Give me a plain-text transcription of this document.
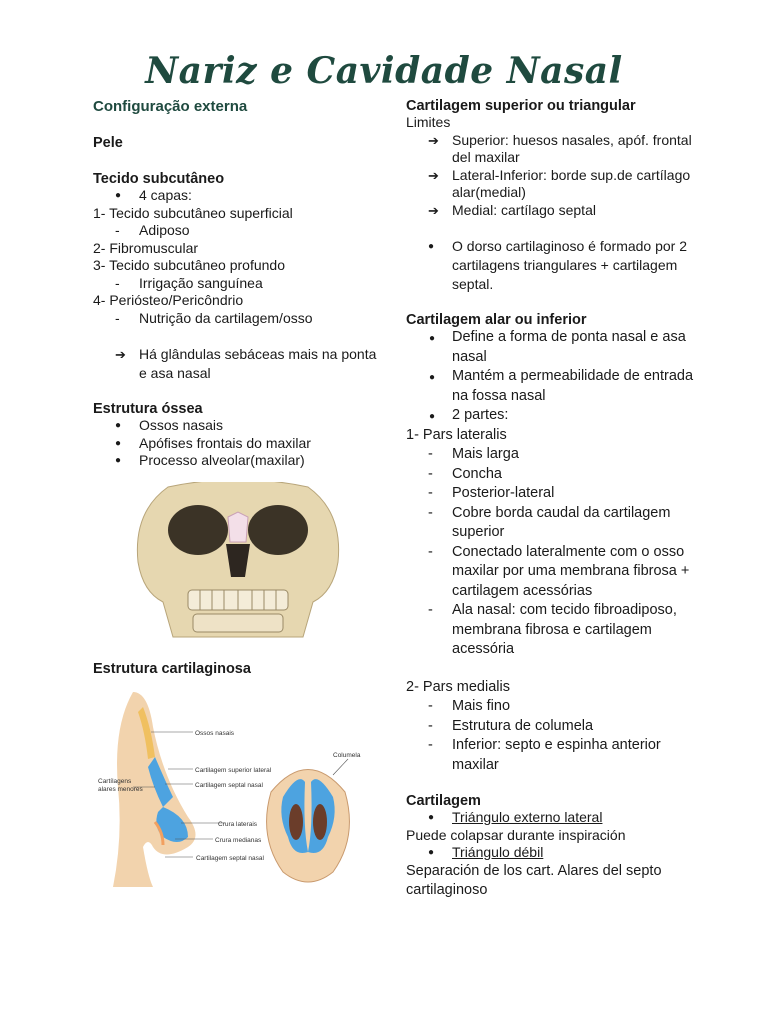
Nariz e Cavidade Nasal

Configuração externa

Pele

Tecido subcutâneo

● 4 capas:

1- Tecido subcutâneo superficial

- Adiposo

2- Fibromuscular

3- Tecido subcutâneo profundo

- Irrigação sanguínea

4- Periósteo/Pericôndrio

- Nutrição da cartilagem/osso
➔ Há glândulas sebáceas mais na ponta e asa nasal

Estrutura óssea

● Ossos nasais
● Apófises frontais do maxilar
● Processo alveolar(maxilar)

Estrutura cartilaginosa

Ossos nasais
Cartilagem superior lateral
Cartilagem septal nasal
Cartílagens
alares menores
Crura laterais
Crura medianas
Cartilagem septal nasal
Columela

Cartilagem superior ou triangular

Limites

➔ Superior: huesos nasales, apóf. frontal del maxilar
➔ Lateral-Inferior: borde sup.de cartílago alar(medial)
➔ Medial: cartílago septal
● O dorso cartilaginoso é formado por 2 cartilagens triangulares + cartilagem septal.

Cartilagem alar ou inferior

● Define a forma de ponta nasal e asa nasal
● Mantém a permeabilidade de entrada na fossa nasal
● 2 partes:

1- Pars lateralis

- Mais larga
- Concha
- Posterior-lateral
- Cobre borda caudal da cartilagem superior
- Conectado lateralmente com o osso maxilar por uma membrana fibrosa + cartilagem acessórias
- Ala nasal: com tecido fibroadiposo, membrana fibrosa e cartilagem acessória

2- Pars medialis

- Mais fino
- Estrutura de columela
- Inferior: septo e espinha anterior maxilar

Cartilagem

● Triángulo externo lateral

Puede colapsar durante inspiración

● Triángulo débil

Separación de los cart. Alares del septo cartilaginoso
